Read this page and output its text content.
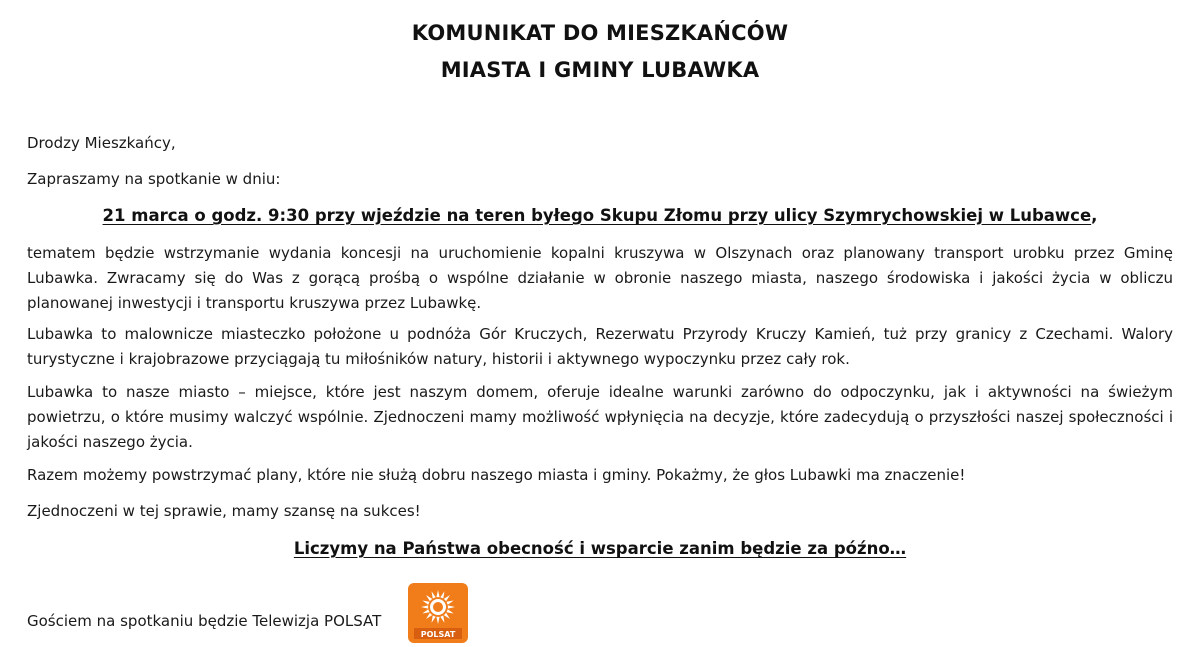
KOMUNIKAT DO MIESZKAŃCÓW
MIASTA I GMINY LUBAWKA
Drodzy Mieszkańcy,
Zapraszamy na spotkanie w dniu:
21 marca o godz. 9:30 przy wjeździe na teren byłego Skupu Złomu przy ulicy Szymrychowskiej w Lubawce,
tematem będzie wstrzymanie wydania koncesji na uruchomienie kopalni kruszywa w Olszynach oraz planowany transport urobku przez Gminę Lubawka. Zwracamy się do Was z gorącą prośbą o wspólne działanie w obronie naszego miasta, naszego środowiska i jakości życia w obliczu planowanej inwestycji i transportu kruszywa przez Lubawkę.
Lubawka to malownicze miasteczko położone u podnóża Gór Kruczych, Rezerwatu Przyrody Kruczy Kamień, tuż przy granicy z Czechami. Walory turystyczne i krajobrazowe przyciągają tu miłośników natury, historii i aktywnego wypoczynku przez cały rok.
Lubawka to nasze miasto – miejsce, które jest naszym domem, oferuje idealne warunki zarówno do odpoczynku, jak i aktywności na świeżym powietrzu, o które musimy walczyć wspólnie. Zjednoczeni mamy możliwość wpłynięcia na decyzje, które zadecydują o przyszłości naszej społeczności i jakości naszego życia.
Razem możemy powstrzymać plany, które nie służą dobru naszego miasta i gminy. Pokażmy, że głos Lubawki ma znaczenie!
Zjednoczeni w tej sprawie, mamy szansę na sukces!
Liczymy na Państwa obecność i wsparcie zanim będzie za późno…
Gościem na spotkaniu będzie Telewizja POLSAT
POLSAT
